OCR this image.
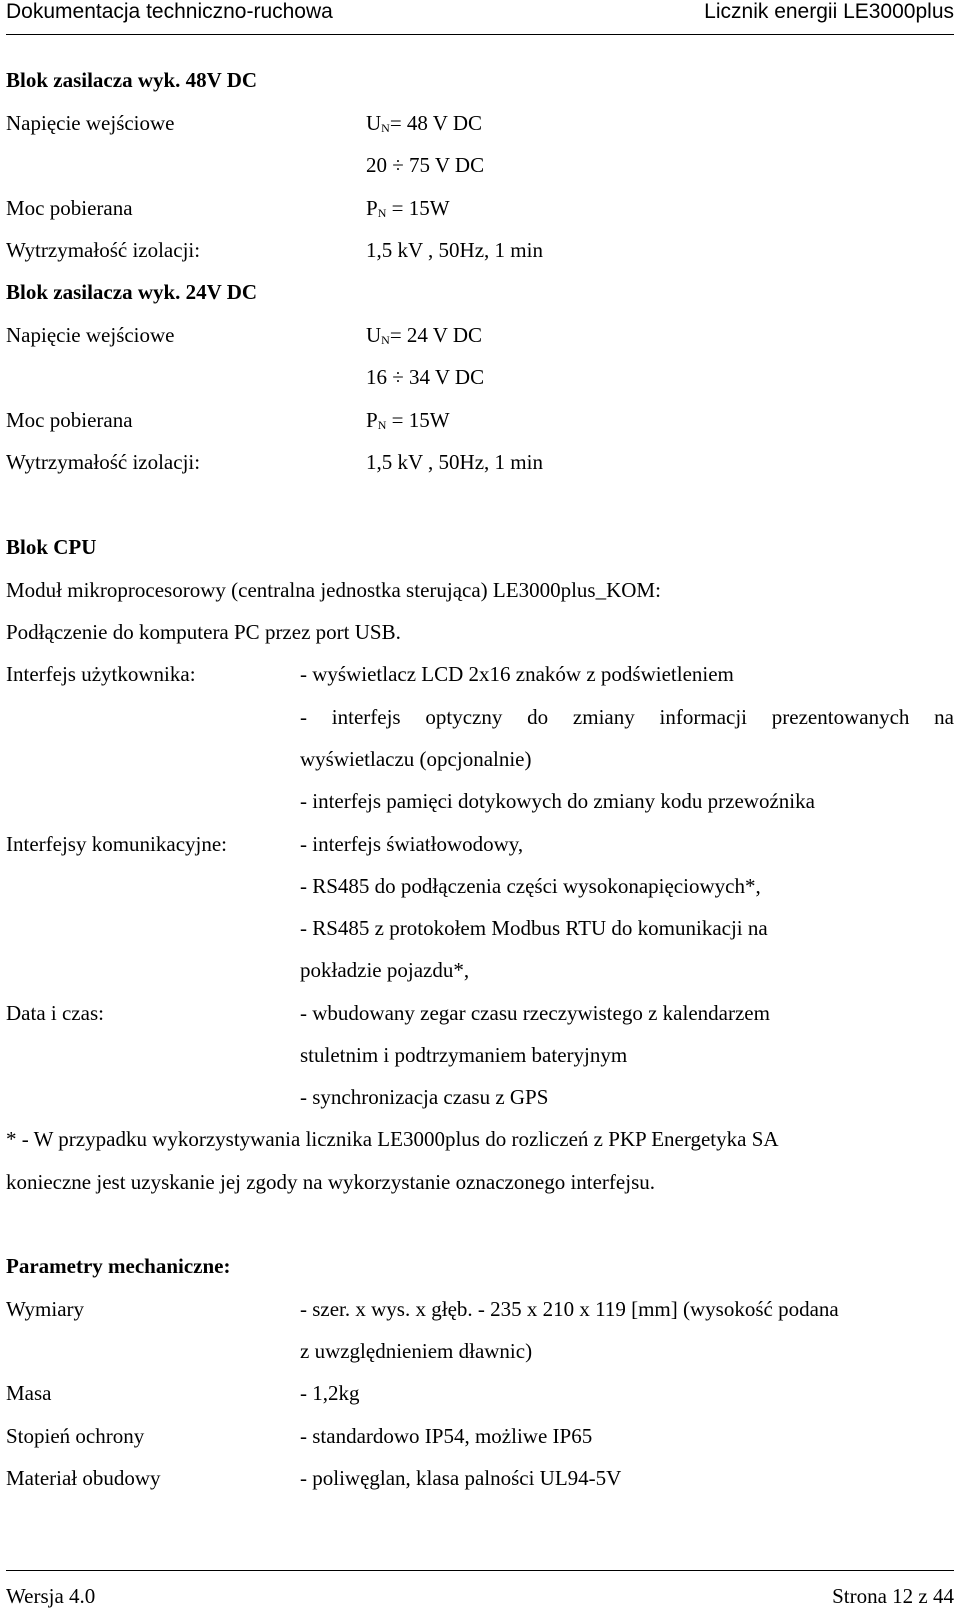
Dokumentacja techniczno-ruchowa	Licznik energii LE3000plus
Blok zasilacza wyk. 48V DC
Napięcie wejściowe	$U_N= 48$ V DC
20 ÷ 75 V DC
Moc pobierana	$P_N = 15W$
Wytrzymałość izolacji:	1,5 kV , 50Hz, 1 min
Blok zasilacza wyk. 24V DC
Napięcie wejściowe	$U_N= 24$ V DC
16 ÷ 34 V DC
Moc pobierana	$P_N = 15W$
Wytrzymałość izolacji:	1,5 kV , 50Hz, 1 min
Blok CPU
Moduł mikroprocesorowy (centralna jednostka sterująca) LE3000plus_KOM:
Podłączenie do komputera PC przez port USB.
Interfejs użytkownika:	- wyświetlacz LCD 2x16 znaków z podświetleniem
- interfejs optyczny do zmiany informacji prezentowanych na
wyświetlaczu (opcjonalnie)
- interfejs pamięci dotykowych do zmiany kodu przewoźnika
Interfejsy komunikacyjne:	- interfejs światłowodowy,
- RS485 do podłączenia części wysokonapięciowych*,
- RS485 z protokołem Modbus RTU do komunikacji na
pokładzie pojazdu*,
Data i czas:	- wbudowany zegar czasu rzeczywistego z kalendarzem
stuletnim i podtrzymaniem bateryjnym
- synchronizacja czasu z GPS
* - W przypadku wykorzystywania licznika LE3000plus do rozliczeń z PKP Energetyka SA
konieczne jest uzyskanie jej zgody na wykorzystanie oznaczonego interfejsu.
Parametry mechaniczne:
Wymiary	- szer. x wys. x głęb. - 235 x 210 x 119 [mm] (wysokość podana
z uwzględnieniem dławnic)
Masa	- 1,2kg
Stopień ochrony	- standardowo IP54, możliwe IP65
Materiał obudowy	- poliwęglan, klasa palności UL94-5V
Wersja 4.0	Strona 12 z 44
